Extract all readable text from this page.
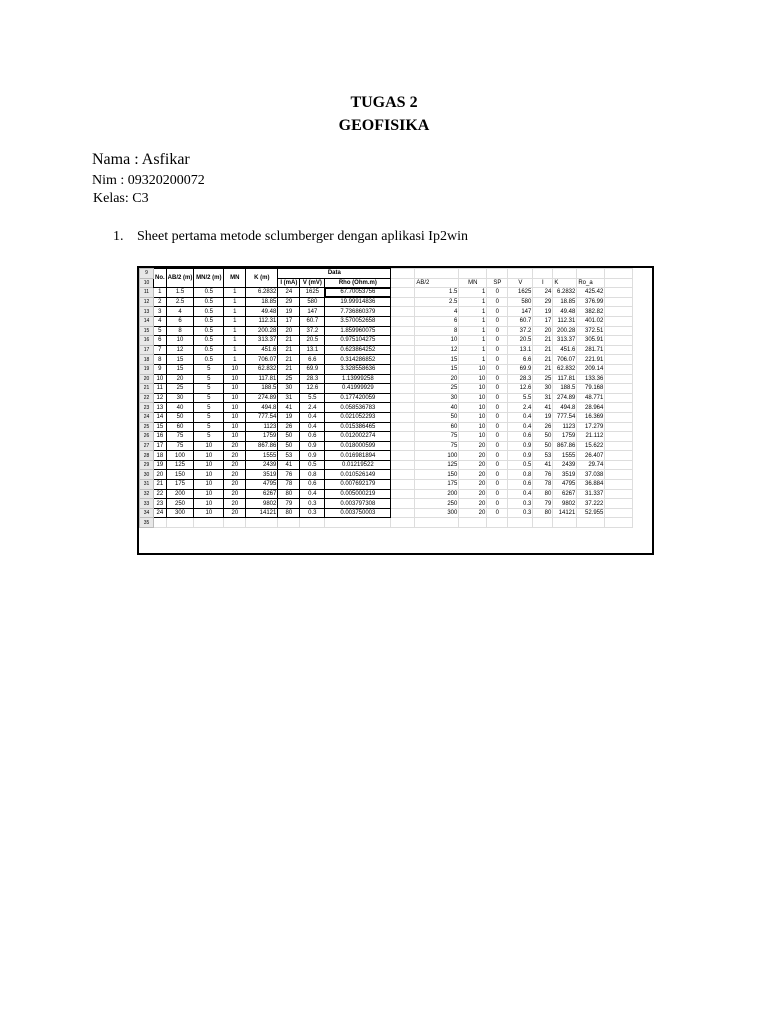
TUGAS 2
GEOFISIKA
Nama : Asfikar
Nim : 09320200072
Kelas: C3
1. Sheet pertama metode sclumberger dengan aplikasi Ip2win
9	No.	AB/2 (m)	MN/2 (m)	MN	K (m)	Data											
10						I (mA)	V (mV)	Rho (Ohm.m)		AB/2	MN	SP	V	I	K	Ro_a	
11	1	1.5	0.5	1	6.2832	24	1625	67.70053756		1.5	1	0	1625	24	6.2832	425.42	
12	2	2.5	0.5	1	18.85	29	580	19.99914836		2.5	1	0	580	29	18.85	376.99	
13	3	4	0.5	1	49.48	19	147	7.736860379		4	1	0	147	19	49.48	382.82	
14	4	6	0.5	1	112.31	17	60.7	3.570052658		6	1	0	60.7	17	112.31	401.02	
15	5	8	0.5	1	200.28	20	37.2	1.859960075		8	1	0	37.2	20	200.28	372.51	
16	6	10	0.5	1	313.37	21	20.5	0.975104275		10	1	0	20.5	21	313.37	305.91	
17	7	12	0.5	1	451.6	21	13.1	0.623864252		12	1	0	13.1	21	451.6	281.71	
18	8	15	0.5	1	706.07	21	6.6	0.314286852		15	1	0	6.6	21	706.07	221.91	
19	9	15	5	10	62.832	21	69.9	3.328558636		15	10	0	69.9	21	62.832	209.14	
20	10	20	5	10	117.81	25	28.3	1.13999258		20	10	0	28.3	25	117.81	133.36	
21	11	25	5	10	188.5	30	12.6	0.41999929		25	10	0	12.6	30	188.5	79.168	
22	12	30	5	10	274.89	31	5.5	0.177420059		30	10	0	5.5	31	274.89	48.771	
23	13	40	5	10	494.8	41	2.4	0.058536783		40	10	0	2.4	41	494.8	28.964	
24	14	50	5	10	777.54	19	0.4	0.021052293		50	10	0	0.4	19	777.54	16.369	
25	15	60	5	10	1123	26	0.4	0.015386465		60	10	0	0.4	26	1123	17.279	
26	16	75	5	10	1759	50	0.6	0.012002274		75	10	0	0.6	50	1759	21.112	
27	17	75	10	20	867.86	50	0.9	0.018000599		75	20	0	0.9	50	867.86	15.622	
28	18	100	10	20	1555	53	0.9	0.016981894		100	20	0	0.9	53	1555	26.407	
29	19	125	10	20	2439	41	0.5	0.01219522		125	20	0	0.5	41	2439	29.74	
30	20	150	10	20	3519	76	0.8	0.010526149		150	20	0	0.8	76	3519	37.038	
31	21	175	10	20	4795	78	0.6	0.007692179		175	20	0	0.6	78	4795	36.884	
32	22	200	10	20	6267	80	0.4	0.005000219		200	20	0	0.4	80	6267	31.337	
33	23	250	10	20	9802	79	0.3	0.003797308		250	20	0	0.3	79	9802	37.222	
34	24	300	10	20	14121	80	0.3	0.003750003		300	20	0	0.3	80	14121	52.955	
35																	
